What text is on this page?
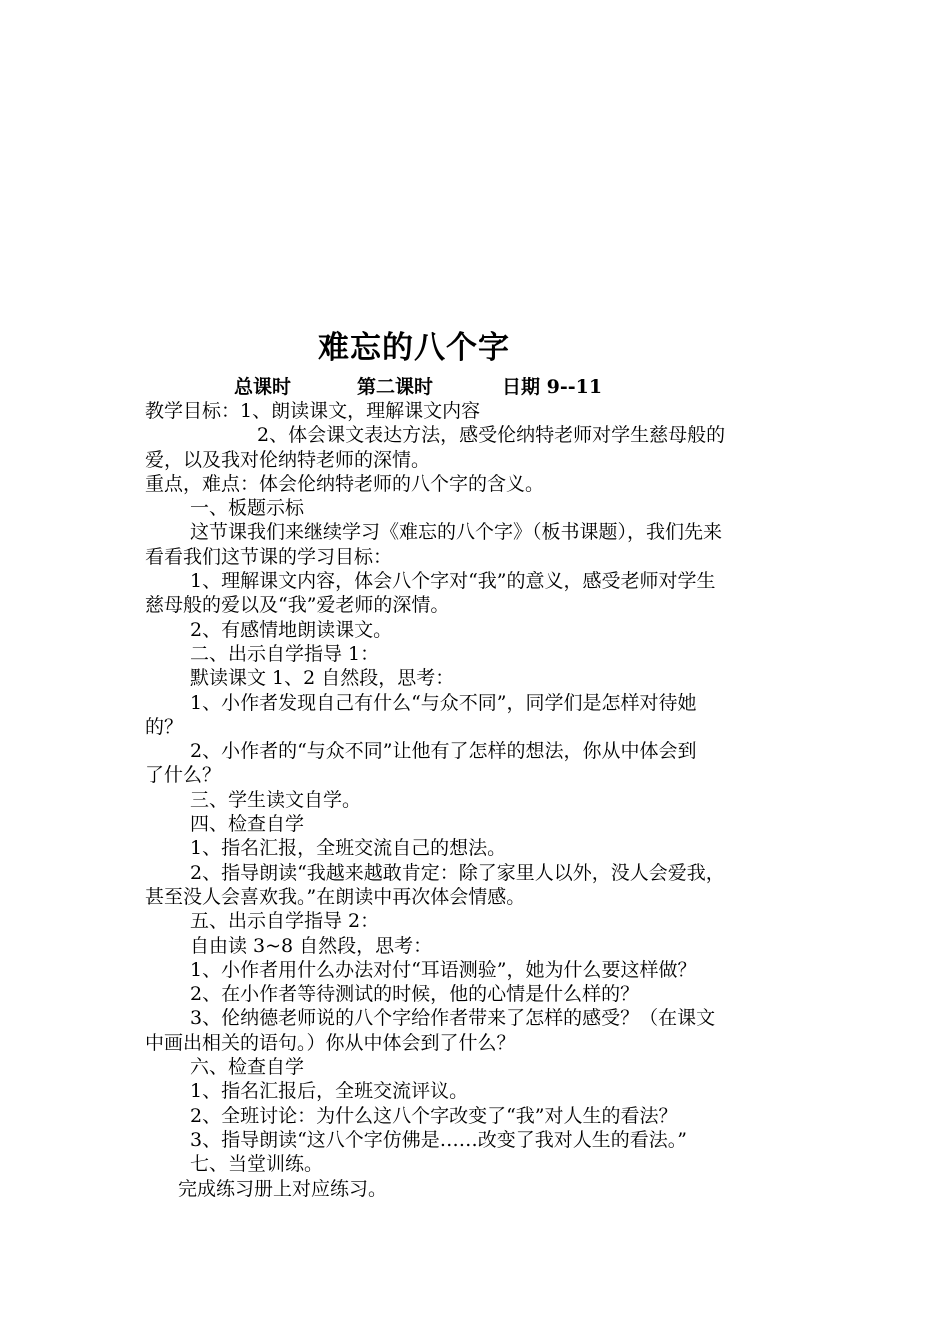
难忘的八个字
总课时	第二课时	日期 9--11
教学目标：1、朗读课文，理解课文内容
2、体会课文表达方法，感受伦纳特老师对学生慈母般的
爱，以及我对伦纳特老师的深情。
重点，难点：体会伦纳特老师的八个字的含义。
一、板题示标
这节课我们来继续学习《难忘的八个字》（板书课题），我们先来
看看我们这节课的学习目标：
1、理解课文内容，体会八个字对“我”的意义，感受老师对学生
慈母般的爱以及“我”爱老师的深情。
2、有感情地朗读课文。
二、出示自学指导 1：
默读课文 1、2 自然段，思考：
1、小作者发现自己有什么“与众不同”，同学们是怎样对待她
的？
2、小作者的“与众不同”让他有了怎样的想法，你从中体会到
了什么？
三、学生读文自学。
四、检查自学
1、指名汇报，全班交流自己的想法。
2、指导朗读“我越来越敢肯定：除了家里人以外，没人会爱我，
甚至没人会喜欢我。”在朗读中再次体会情感。
五、出示自学指导 2：
自由读 3~8 自然段，思考：
1、小作者用什么办法对付“耳语测验”，她为什么要这样做？
2、在小作者等待测试的时候，他的心情是什么样的？
3、伦纳德老师说的八个字给作者带来了怎样的感受？（在课文
中画出相关的语句。）你从中体会到了什么？
六、检查自学
1、指名汇报后，全班交流评议。
2、全班讨论：为什么这八个字改变了“我”对人生的看法？
3、指导朗读“这八个字仿佛是……改变了我对人生的看法。”
七、当堂训练。
完成练习册上对应练习。
